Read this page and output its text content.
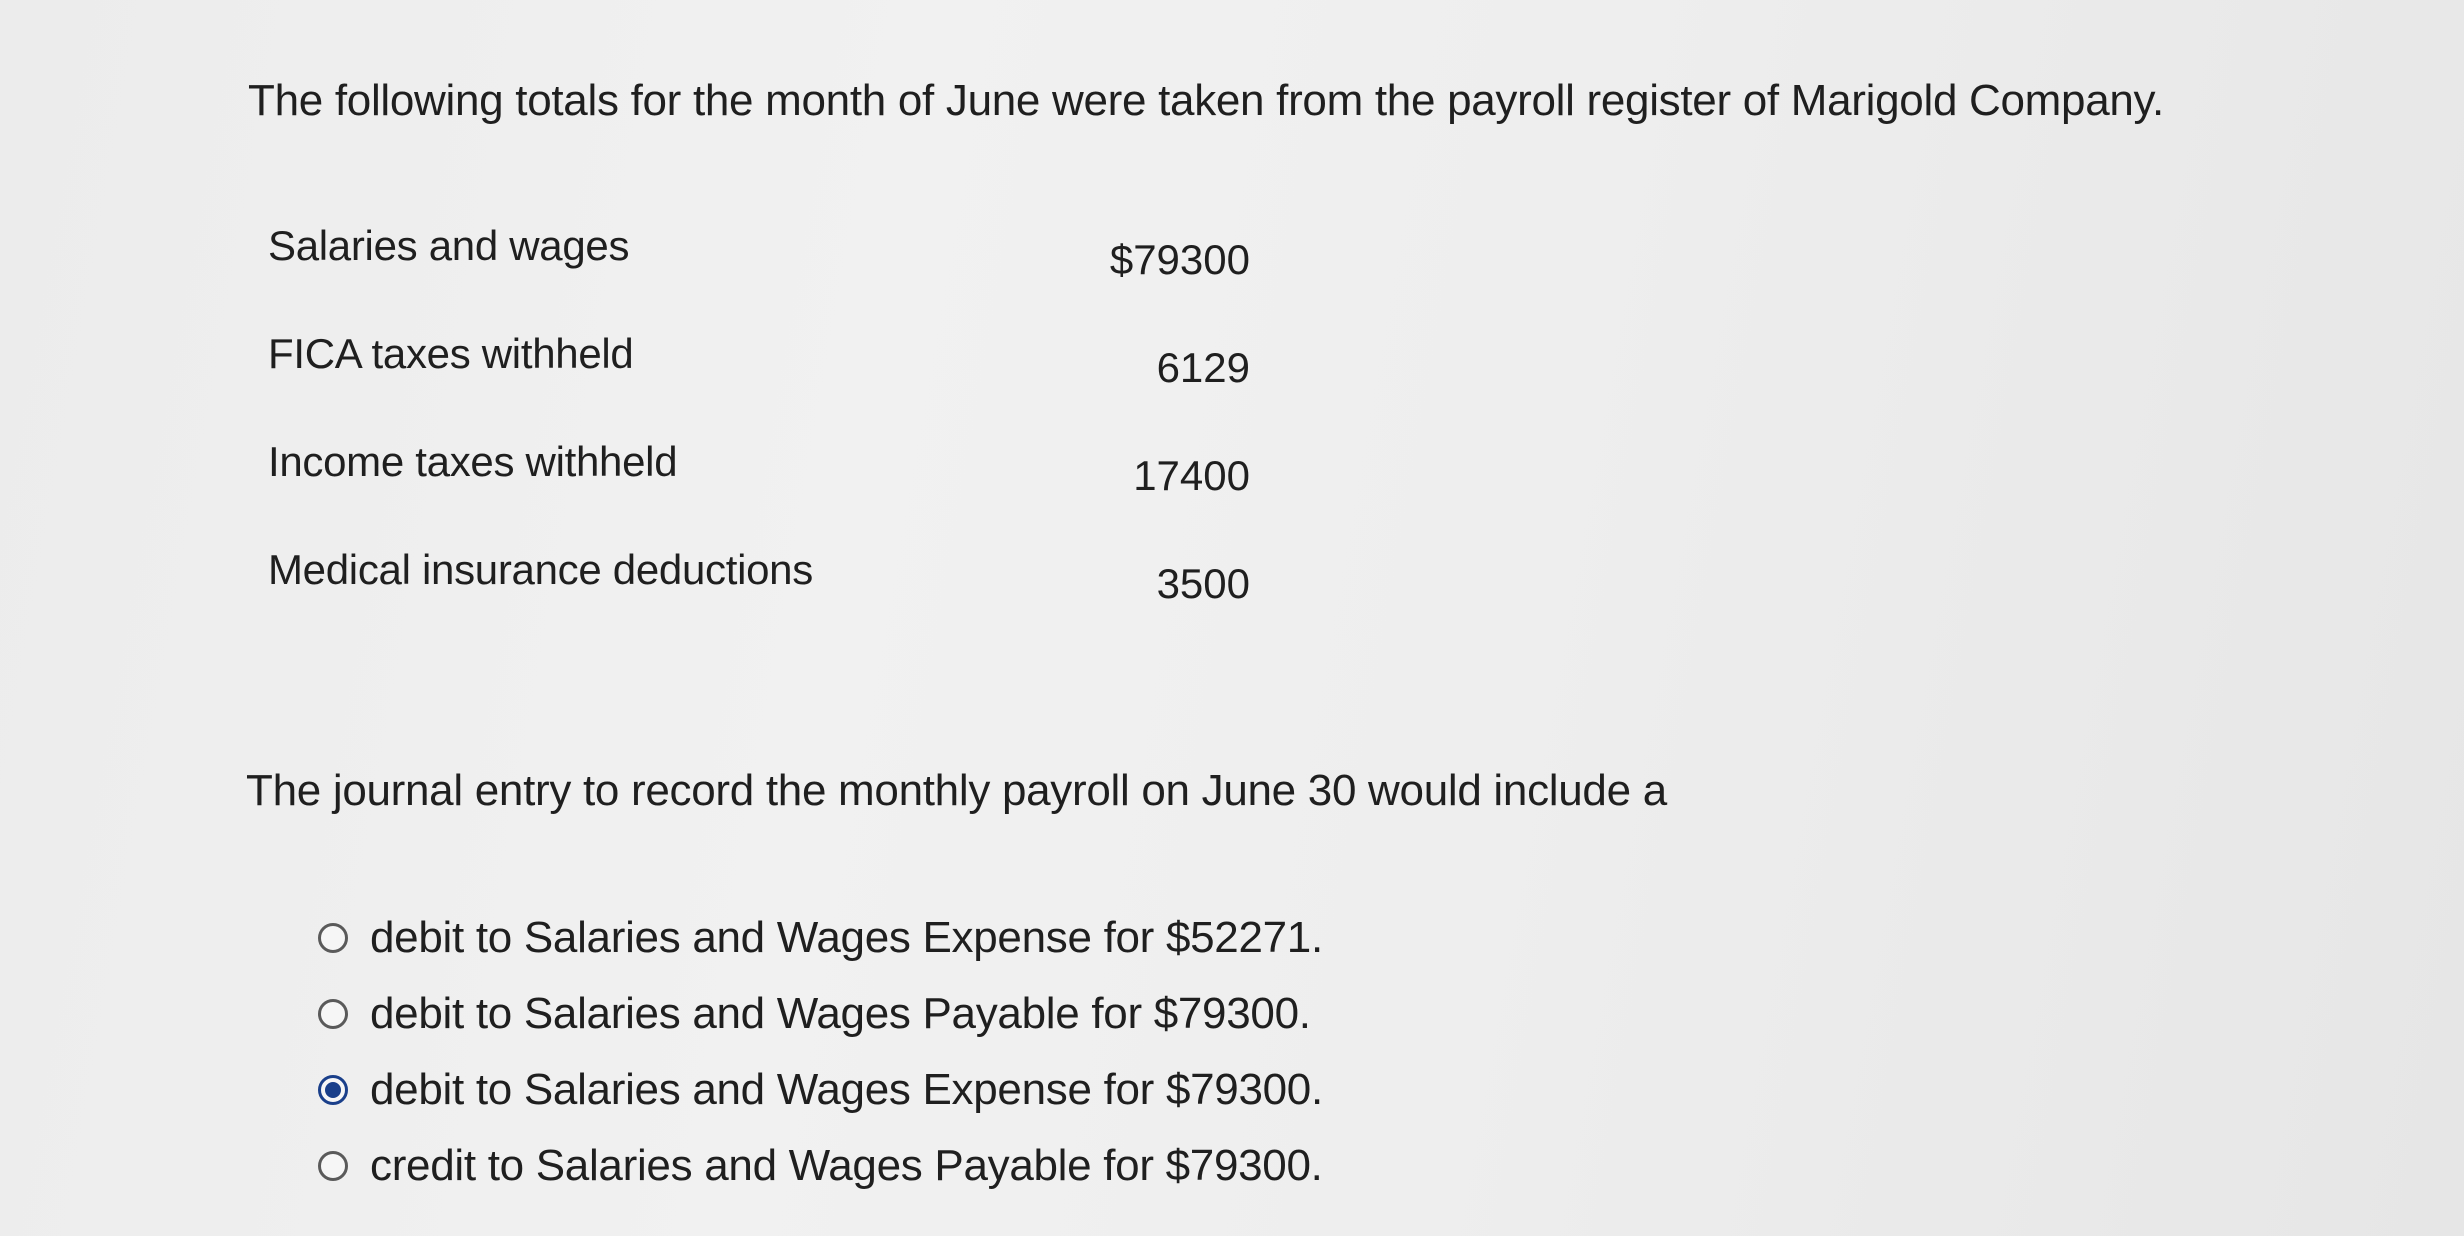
The following totals for the month of June were taken from the payroll register of Marigold Company.
Salaries and wages	$79300
FICA taxes withheld	6129
Income taxes withheld	17400
Medical insurance deductions	3500
The journal entry to record the monthly payroll on June 30 would include a
debit to Salaries and Wages Expense for $52271.
debit to Salaries and Wages Payable for $79300.
debit to Salaries and Wages Expense for $79300.
credit to Salaries and Wages Payable for $79300.
